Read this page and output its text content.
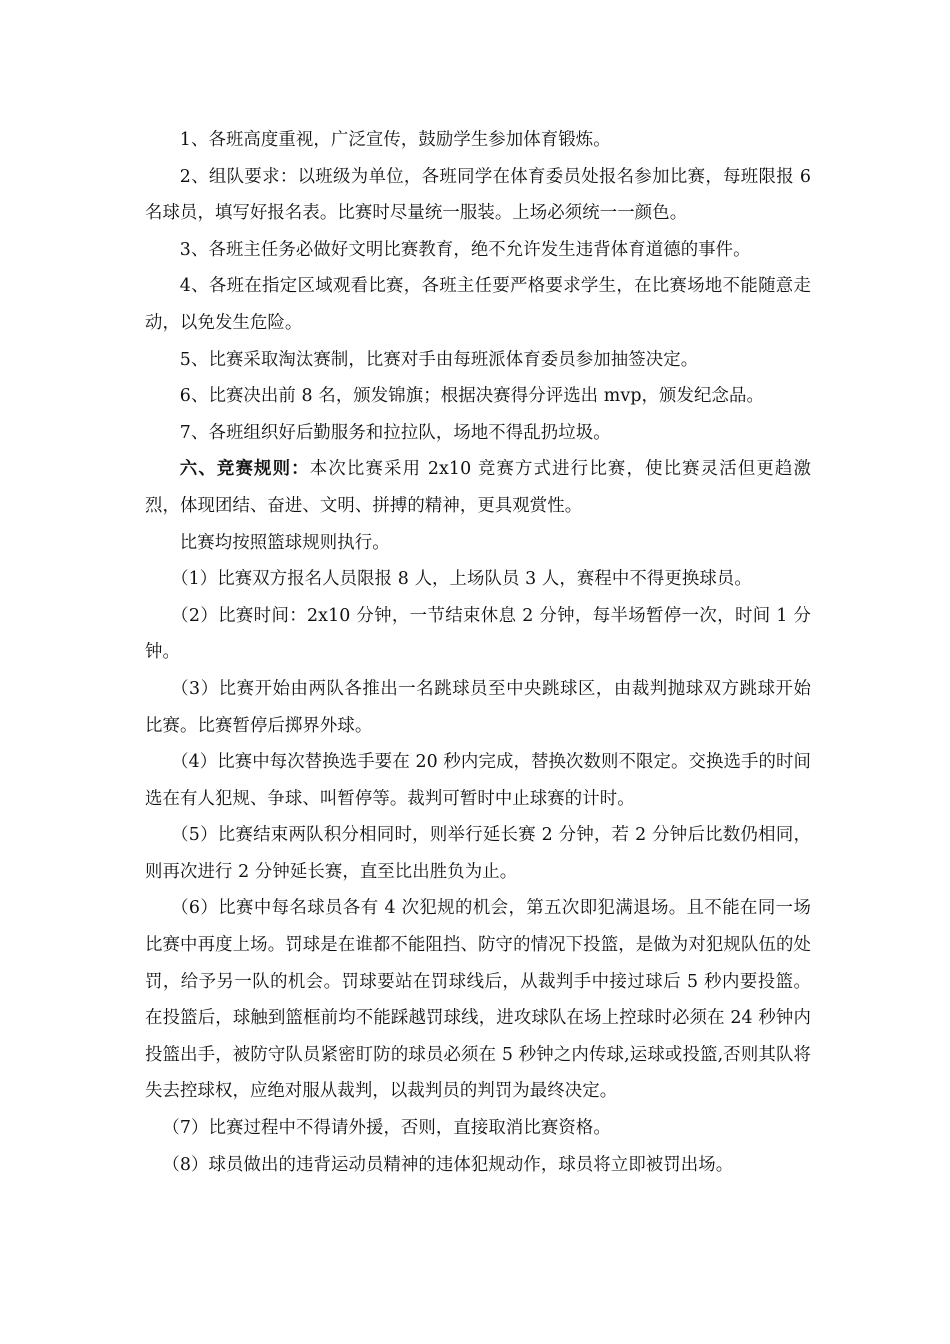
1、各班高度重视，广泛宣传，鼓励学生参加体育锻炼。

2、组队要求：以班级为单位，各班同学在体育委员处报名参加比赛，每班限报 6 名球员，填写好报名表。比赛时尽量统一服装。上场必须统一一颜色。

3、各班主任务必做好文明比赛教育，绝不允许发生违背体育道德的事件。

4、各班在指定区域观看比赛，各班主任要严格要求学生，在比赛场地不能随意走动，以免发生危险。

5、比赛采取淘汰赛制，比赛对手由每班派体育委员参加抽签决定。

6、比赛决出前 8 名，颁发锦旗；根据决赛得分评选出 mvp，颁发纪念品。

7、各班组织好后勤服务和拉拉队，场地不得乱扔垃圾。

六、竞赛规则：本次比赛采用 2x10 竞赛方式进行比赛，使比赛灵活但更趋激烈，体现团结、奋进、文明、拼搏的精神，更具观赏性。

比赛均按照篮球规则执行。

（1）比赛双方报名人员限报 8 人，上场队员 3 人，赛程中不得更换球员。

（2）比赛时间：2x10 分钟，一节结束休息 2 分钟，每半场暂停一次，时间 1 分钟。

（3）比赛开始由两队各推出一名跳球员至中央跳球区，由裁判抛球双方跳球开始比赛。比赛暂停后掷界外球。

（4）比赛中每次替换选手要在 20 秒内完成，替换次数则不限定。交换选手的时间选在有人犯规、争球、叫暂停等。裁判可暂时中止球赛的计时。

（5）比赛结束两队积分相同时，则举行延长赛 2 分钟，若 2 分钟后比数仍相同，则再次进行 2 分钟延长赛，直至比出胜负为止。

（6）比赛中每名球员各有 4 次犯规的机会，第五次即犯满退场。且不能在同一场比赛中再度上场。罚球是在谁都不能阻挡、防守的情况下投篮，是做为对犯规队伍的处罚，给予另一队的机会。罚球要站在罚球线后，从裁判手中接过球后 5 秒内要投篮。在投篮后，球触到篮框前均不能踩越罚球线，进攻球队在场上控球时必须在 24 秒钟内投篮出手，被防守队员紧密盯防的球员必须在 5 秒钟之内传球,运球或投篮,否则其队将失去控球权，应绝对服从裁判，以裁判员的判罚为最终决定。

（7）比赛过程中不得请外援，否则，直接取消比赛资格。

（8）球员做出的违背运动员精神的违体犯规动作，球员将立即被罚出场。
